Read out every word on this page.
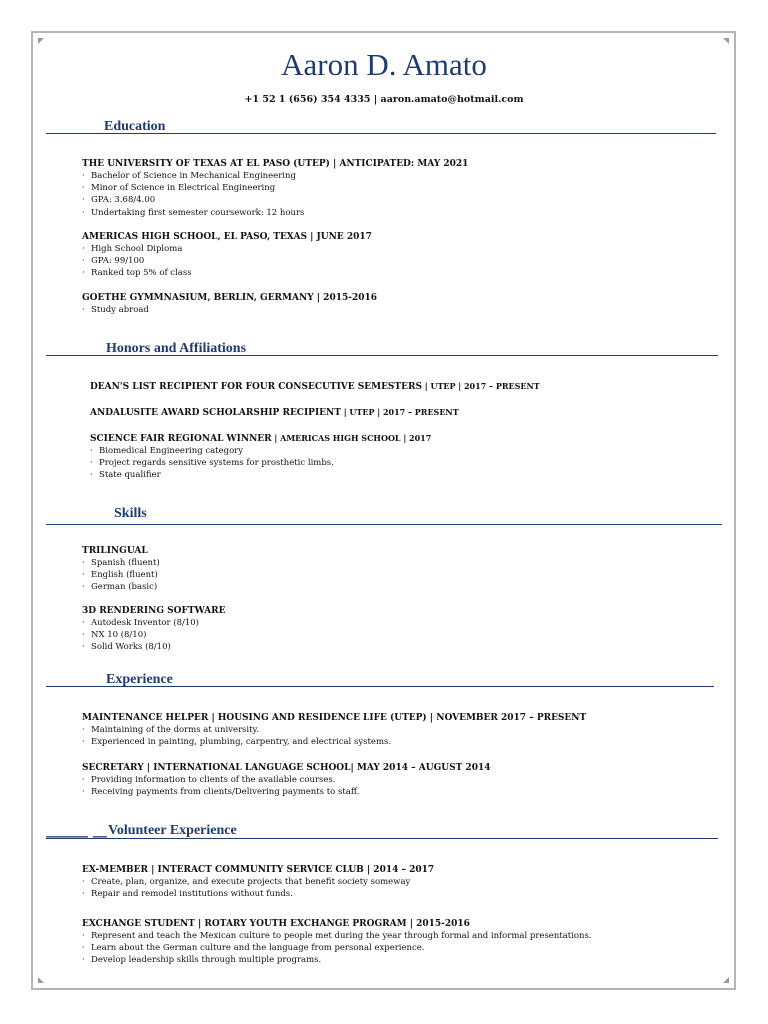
Aaron D. Amato
+1 52 1 (656) 354 4335 | aaron.amato@hotmail.com
Education
THE UNIVERSITY OF TEXAS AT EL PASO (UTEP) | ANTICIPATED: MAY 2021
· Bachelor of Science in Mechanical Engineering
· Minor of Science in Electrical Engineering
· GPA: 3.68/4.00
· Undertaking first semester coursework: 12 hours
AMERICAS HIGH SCHOOL, EL PASO, TEXAS | JUNE 2017
· High School Diploma
· GPA: 99/100
· Ranked top 5% of class
GOETHE GYMMNASIUM, BERLIN, GERMANY | 2015-2016
· Study abroad
Honors and Affiliations
DEAN'S LIST RECIPIENT FOR FOUR CONSECUTIVE SEMESTERS | UTEP | 2017 – PRESENT
ANDALUSITE AWARD SCHOLARSHIP RECIPIENT | UTEP | 2017 – PRESENT
SCIENCE FAIR REGIONAL WINNER | AMERICAS HIGH SCHOOL | 2017
· Biomedical Engineering category
· Project regards sensitive systems for prosthetic limbs.
· State qualifier
Skills
TRILINGUAL
· Spanish (fluent)
· English (fluent)
· German (basic)
3D RENDERING SOFTWARE
· Autodesk Inventor (8/10)
· NX 10 (8/10)
· Solid Works (8/10)
Experience
MAINTENANCE HELPER | HOUSING AND RESIDENCE LIFE (UTEP) | NOVEMBER 2017 – PRESENT
· Maintaining of the dorms at university.
· Experienced in painting, plumbing, carpentry, and electrical systems.
SECRETARY | INTERNATIONAL LANGUAGE SCHOOL| MAY 2014 – AUGUST 2014
· Providing information to clients of the available courses.
· Receiving payments from clients/Delivering payments to staff.
______ __ Volunteer Experience
EX-MEMBER | INTERACT COMMUNITY SERVICE CLUB | 2014 – 2017
· Create, plan, organize, and execute projects that benefit society someway
· Repair and remodel institutions without funds.
EXCHANGE STUDENT | ROTARY YOUTH EXCHANGE PROGRAM | 2015-2016
· Represent and teach the Mexican culture to people met during the year through formal and informal presentations.
· Learn about the German culture and the language from personal experience.
· Develop leadership skills through multiple programs.
